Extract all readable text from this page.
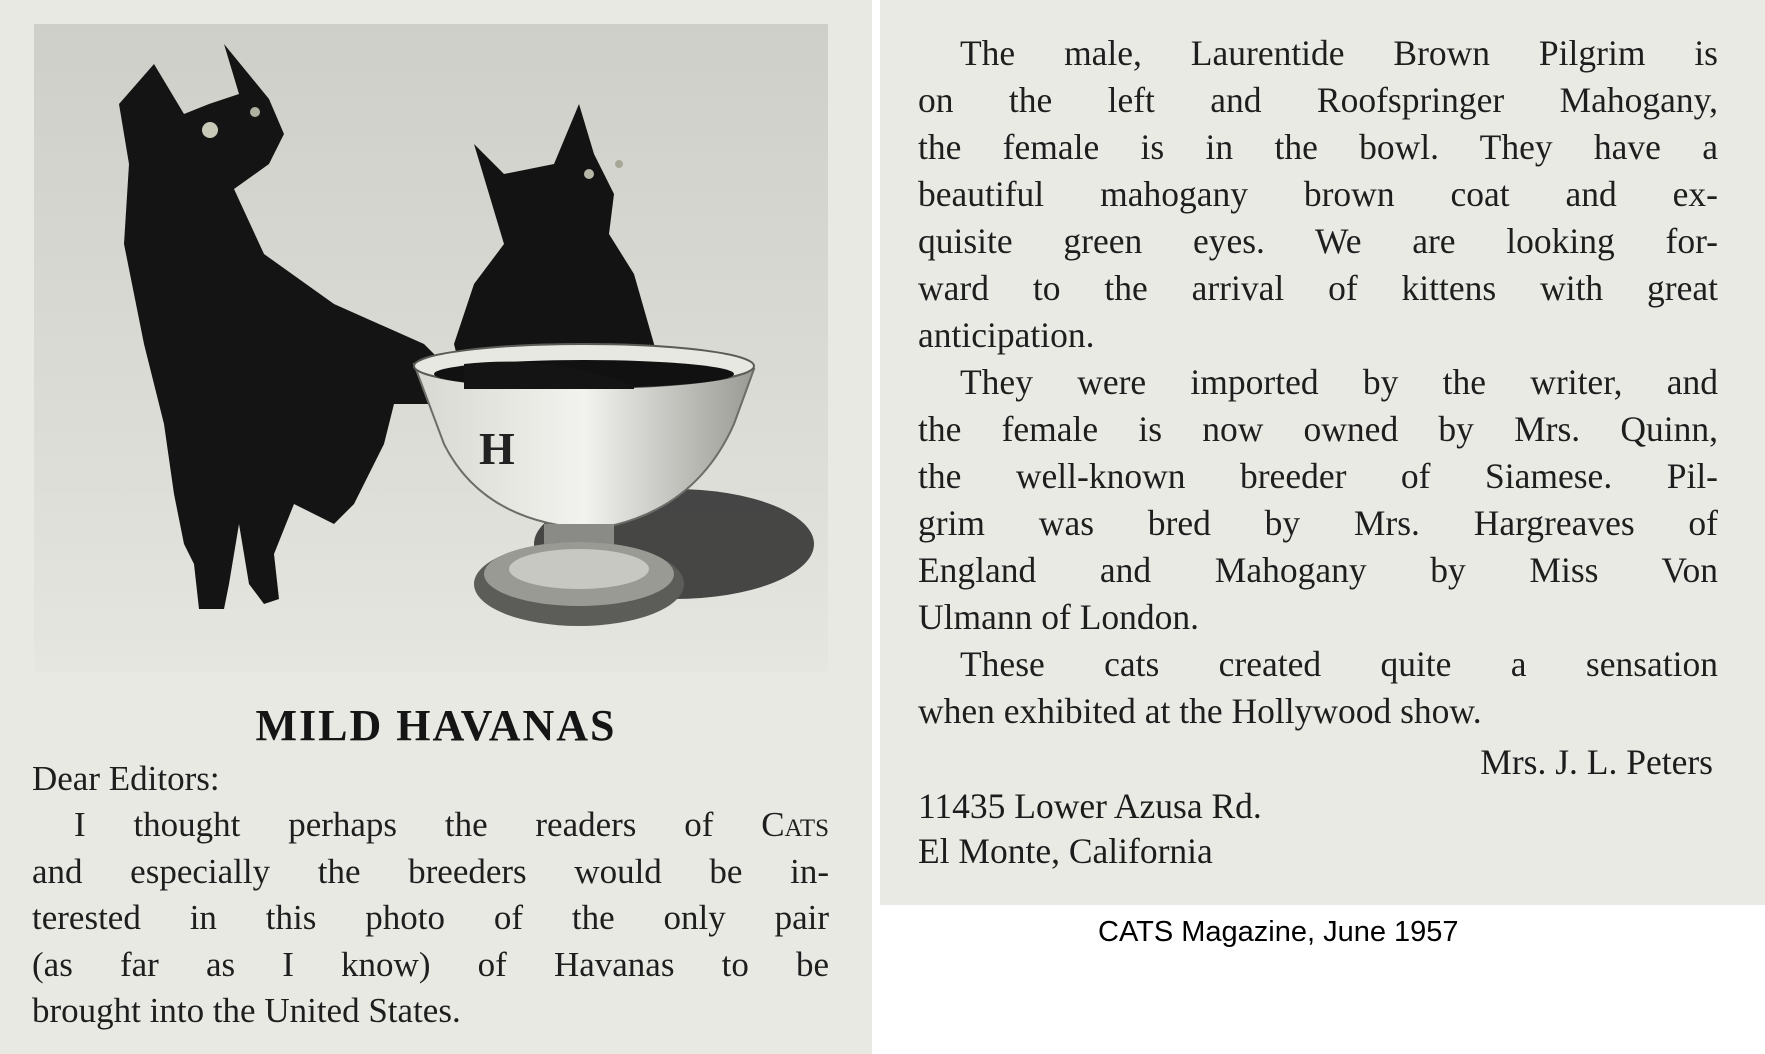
H
MILD HAVANAS
Dear Editors:
I thought perhaps the readers of Cats
and especially the breeders would be in-
terested in this photo of the only pair
(as far as I know) of Havanas to be
brought into the United States.
The male, Laurentide Brown Pilgrim is
on the left and Roofspringer Mahogany,
the female is in the bowl. They have a
beautiful mahogany brown coat and ex-
quisite green eyes. We are looking for-
ward to the arrival of kittens with great
anticipation.
They were imported by the writer, and
the female is now owned by Mrs. Quinn,
the well-known breeder of Siamese. Pil-
grim was bred by Mrs. Hargreaves of
England and Mahogany by Miss Von
Ulmann of London.
These cats created quite a sensation
when exhibited at the Hollywood show.
Mrs. J. L. Peters
11435 Lower Azusa Rd.
El Monte, California
CATS Magazine, June 1957
